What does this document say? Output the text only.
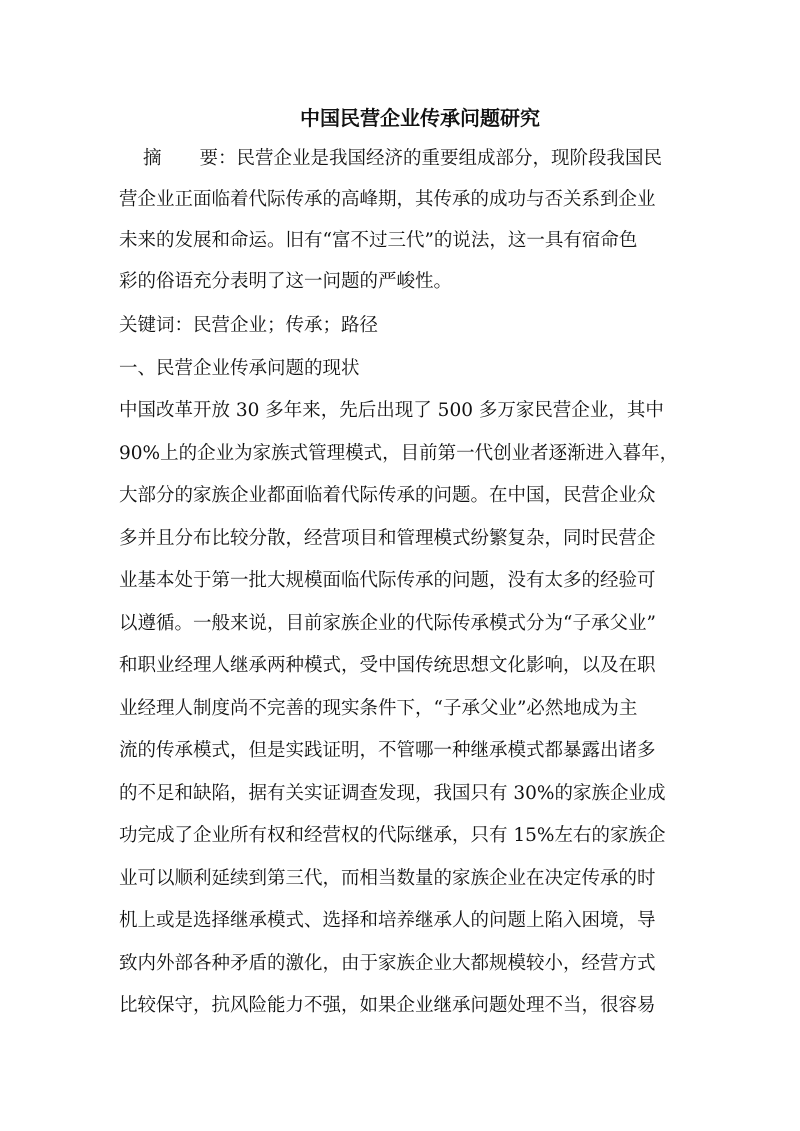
中国民营企业传承问题研究
摘 要：民营企业是我国经济的重要组成部分，现阶段我国民
营企业正面临着代际传承的高峰期，其传承的成功与否关系到企业
未来的发展和命运。旧有“富不过三代”的说法，这一具有宿命色
彩的俗语充分表明了这一问题的严峻性。
关键词：民营企业；传承；路径
一、民营企业传承问题的现状
中国改革开放 30 多年来，先后出现了 500 多万家民营企业，其中
90%上的企业为家族式管理模式，目前第一代创业者逐渐进入暮年，
大部分的家族企业都面临着代际传承的问题。在中国，民营企业众
多并且分布比较分散，经营项目和管理模式纷繁复杂，同时民营企
业基本处于第一批大规模面临代际传承的问题，没有太多的经验可
以遵循。一般来说，目前家族企业的代际传承模式分为“子承父业”
和职业经理人继承两种模式，受中国传统思想文化影响，以及在职
业经理人制度尚不完善的现实条件下，“子承父业”必然地成为主
流的传承模式，但是实践证明，不管哪一种继承模式都暴露出诸多
的不足和缺陷，据有关实证调查发现，我国只有 30%的家族企业成
功完成了企业所有权和经营权的代际继承，只有 15%左右的家族企
业可以顺利延续到第三代，而相当数量的家族企业在决定传承的时
机上或是选择继承模式、选择和培养继承人的问题上陷入困境，导
致内外部各种矛盾的激化，由于家族企业大都规模较小，经营方式
比较保守，抗风险能力不强，如果企业继承问题处理不当，很容易
